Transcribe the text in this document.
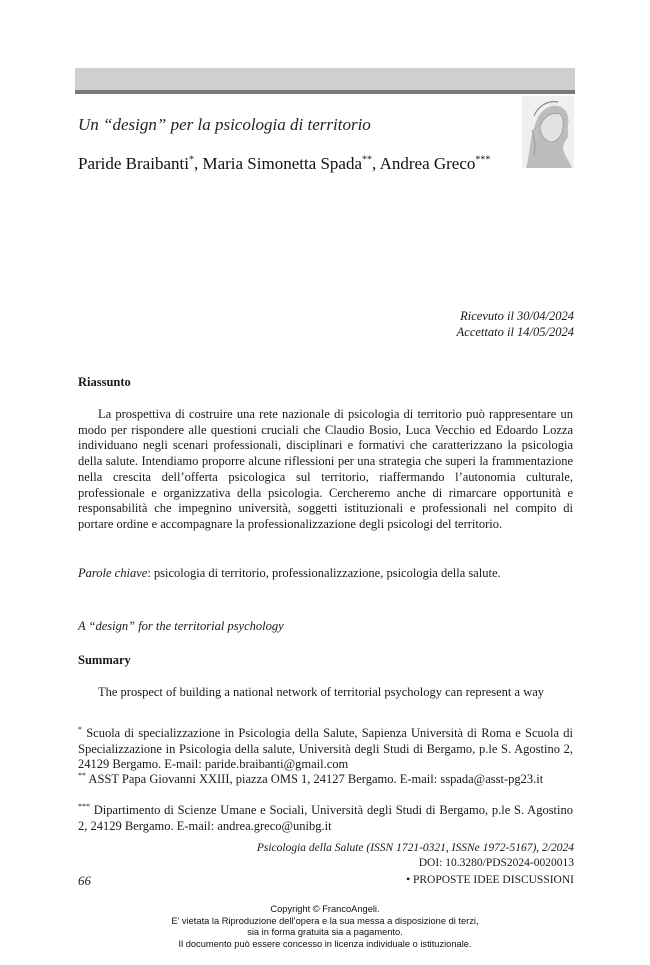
Un “design” per la psicologia di territorio
Paride Braibanti*, Maria Simonetta Spada**, Andrea Greco***
Ricevuto il 30/04/2024
Accettato il 14/05/2024
Riassunto
La prospettiva di costruire una rete nazionale di psicologia di territorio può rappresentare un modo per rispondere alle questioni cruciali che Claudio Bosio, Luca Vecchio ed Edoardo Lozza individuano negli scenari professionali, disciplinari e formativi che caratterizzano la psicologia della salute. Intendiamo proporre alcune riflessioni per una strategia che superi la frammentazione nella crescita dell’offerta psicologica sul territorio, riaffermando l’autonomia culturale, professionale e organizzativa della psicologia. Cercheremo anche di rimarcare opportunità e responsabilità che impegnino università, soggetti istituzionali e professionali nel compito di portare ordine e accompagnare la professionalizzazione degli psicologi del territorio.
Parole chiave: psicologia di territorio, professionalizzazione, psicologia della salute.
A “design” for the territorial psychology
Summary
The prospect of building a national network of territorial psychology can represent a way
* Scuola di specializzazione in Psicologia della Salute, Sapienza Università di Roma e Scuola di Specializzazione in Psicologia della salute, Università degli Studi di Bergamo, p.le S. Agostino 2, 24129 Bergamo. E-mail: paride.braibanti@gmail.com
** ASST Papa Giovanni XXIII, piazza OMS 1, 24127 Bergamo. E-mail: sspada@asst-pg23.it
*** Dipartimento di Scienze Umane e Sociali, Università degli Studi di Bergamo, p.le S. Agostino 2, 24129 Bergamo. E-mail: andrea.greco@unibg.it
Psicologia della Salute (ISSN 1721-0321, ISSNe 1972-5167), 2/2024
DOI: 10.3280/PDS2024-0020013
66	• PROPOSTE IDEE DISCUSSIONI
Copyright © FrancoAngeli.
E’ vietata la Riproduzione dell’opera e la sua messa a disposizione di terzi,
sia in forma gratuita sia a pagamento.
Il documento può essere concesso in licenza individuale o istituzionale.
